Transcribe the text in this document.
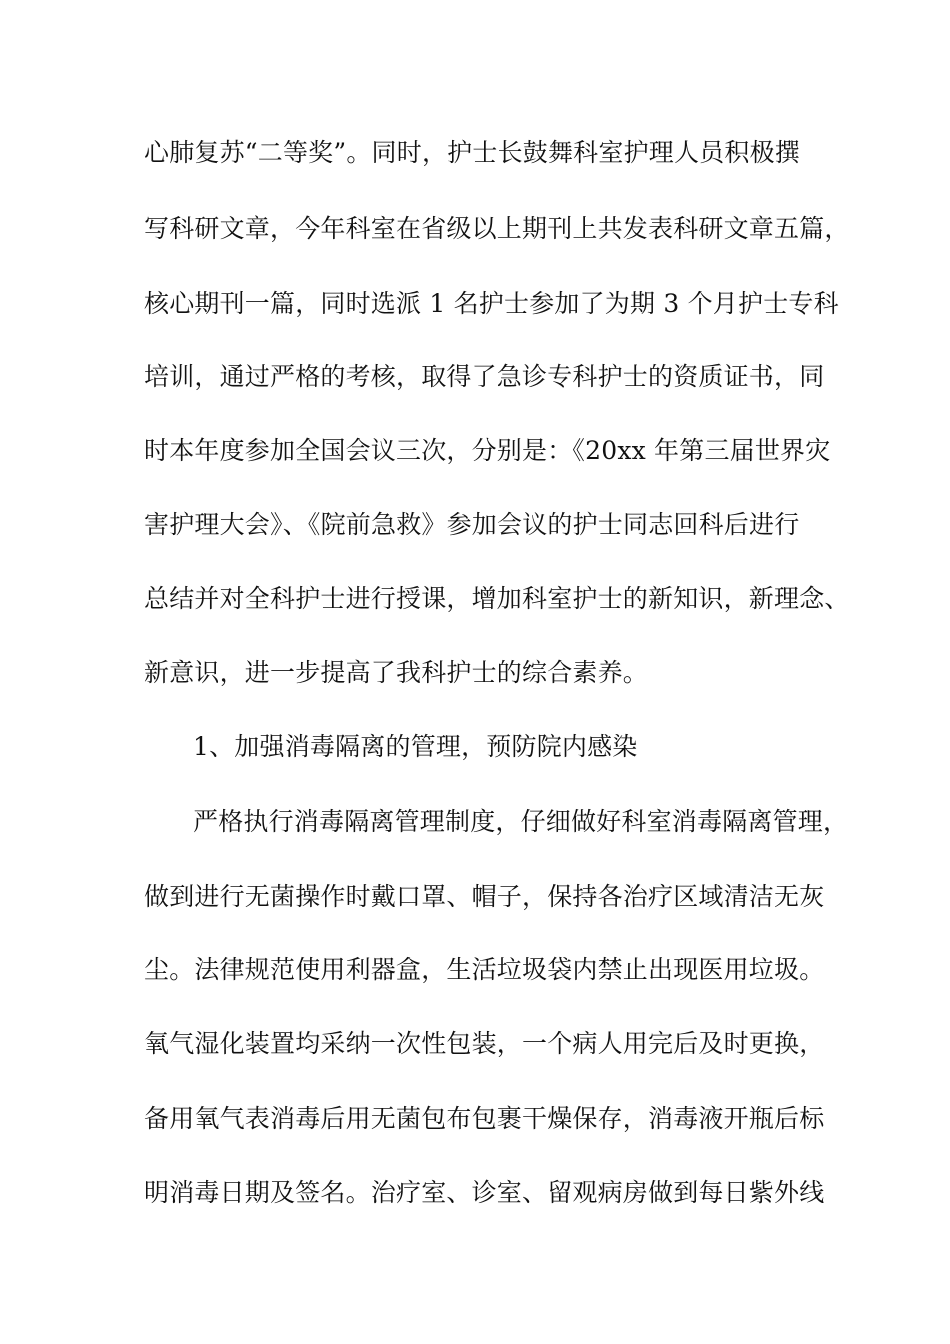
心肺复苏“二等奖”。同时，护士长鼓舞科室护理人员积极撰
写科研文章，今年科室在省级以上期刊上共发表科研文章五篇，
核心期刊一篇，同时选派 1 名护士参加了为期 3 个月护士专科
培训，通过严格的考核，取得了急诊专科护士的资质证书，同
时本年度参加全国会议三次，分别是：《20xx 年第三届世界灾
害护理大会》、《院前急救》参加会议的护士同志回科后进行
总结并对全科护士进行授课，增加科室护士的新知识，新理念、
新意识，进一步提高了我科护士的综合素养。
1、加强消毒隔离的管理，预防院内感染
严格执行消毒隔离管理制度，仔细做好科室消毒隔离管理，
做到进行无菌操作时戴口罩、帽子，保持各治疗区域清洁无灰
尘。法律规范使用利器盒，生活垃圾袋内禁止出现医用垃圾。
氧气湿化装置均采纳一次性包装，一个病人用完后及时更换，
备用氧气表消毒后用无菌包布包裹干燥保存，消毒液开瓶后标
明消毒日期及签名。治疗室、诊室、留观病房做到每日紫外线
